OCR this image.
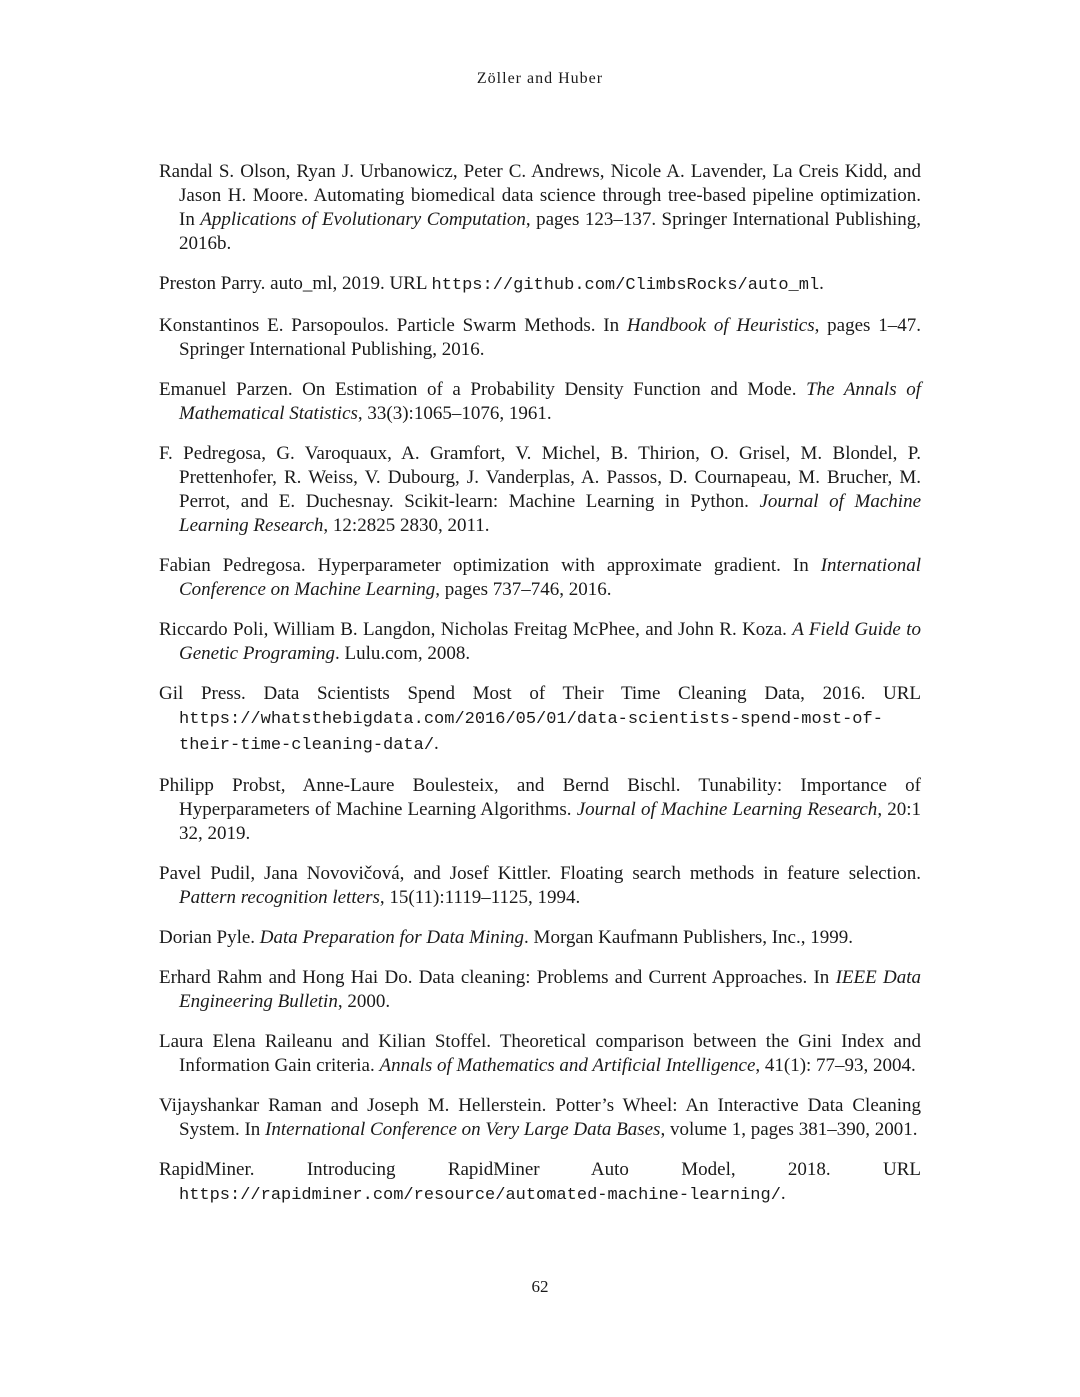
Zöller and Huber

Randal S. Olson, Ryan J. Urbanowicz, Peter C. Andrews, Nicole A. Lavender, La Creis Kidd, and Jason H. Moore. Automating biomedical data science through tree-based pipeline optimization. In Applications of Evolutionary Computation, pages 123–137. Springer International Publishing, 2016b.

Preston Parry. auto_ml, 2019. URL https://github.com/ClimbsRocks/auto_ml.

Konstantinos E. Parsopoulos. Particle Swarm Methods. In Handbook of Heuristics, pages 1–47. Springer International Publishing, 2016.

Emanuel Parzen. On Estimation of a Probability Density Function and Mode. The Annals of Mathematical Statistics, 33(3):1065–1076, 1961.

F. Pedregosa, G. Varoquaux, A. Gramfort, V. Michel, B. Thirion, O. Grisel, M. Blondel, P. Prettenhofer, R. Weiss, V. Dubourg, J. Vanderplas, A. Passos, D. Cournapeau, M. Brucher, M. Perrot, and E. Duchesnay. Scikit-learn: Machine Learning in Python. Journal of Machine Learning Research, 12:2825 2830, 2011.

Fabian Pedregosa. Hyperparameter optimization with approximate gradient. In International Conference on Machine Learning, pages 737–746, 2016.

Riccardo Poli, William B. Langdon, Nicholas Freitag McPhee, and John R. Koza. A Field Guide to Genetic Programing. Lulu.com, 2008.

Gil Press. Data Scientists Spend Most of Their Time Cleaning Data, 2016. URL https://whatsthebigdata.com/2016/05/01/data-scientists-spend-most-of-their-time-cleaning-data/.

Philipp Probst, Anne-Laure Boulesteix, and Bernd Bischl. Tunability: Importance of Hyperparameters of Machine Learning Algorithms. Journal of Machine Learning Research, 20:1 32, 2019.

Pavel Pudil, Jana Novovičová, and Josef Kittler. Floating search methods in feature selection. Pattern recognition letters, 15(11):1119–1125, 1994.

Dorian Pyle. Data Preparation for Data Mining. Morgan Kaufmann Publishers, Inc., 1999.

Erhard Rahm and Hong Hai Do. Data cleaning: Problems and Current Approaches. In IEEE Data Engineering Bulletin, 2000.

Laura Elena Raileanu and Kilian Stoffel. Theoretical comparison between the Gini Index and Information Gain criteria. Annals of Mathematics and Artificial Intelligence, 41(1): 77–93, 2004.

Vijayshankar Raman and Joseph M. Hellerstein. Potter’s Wheel: An Interactive Data Cleaning System. In International Conference on Very Large Data Bases, volume 1, pages 381–390, 2001.

RapidMiner. Introducing RapidMiner Auto Model, 2018. URL https://rapidminer.com/resource/automated-machine-learning/.

62
